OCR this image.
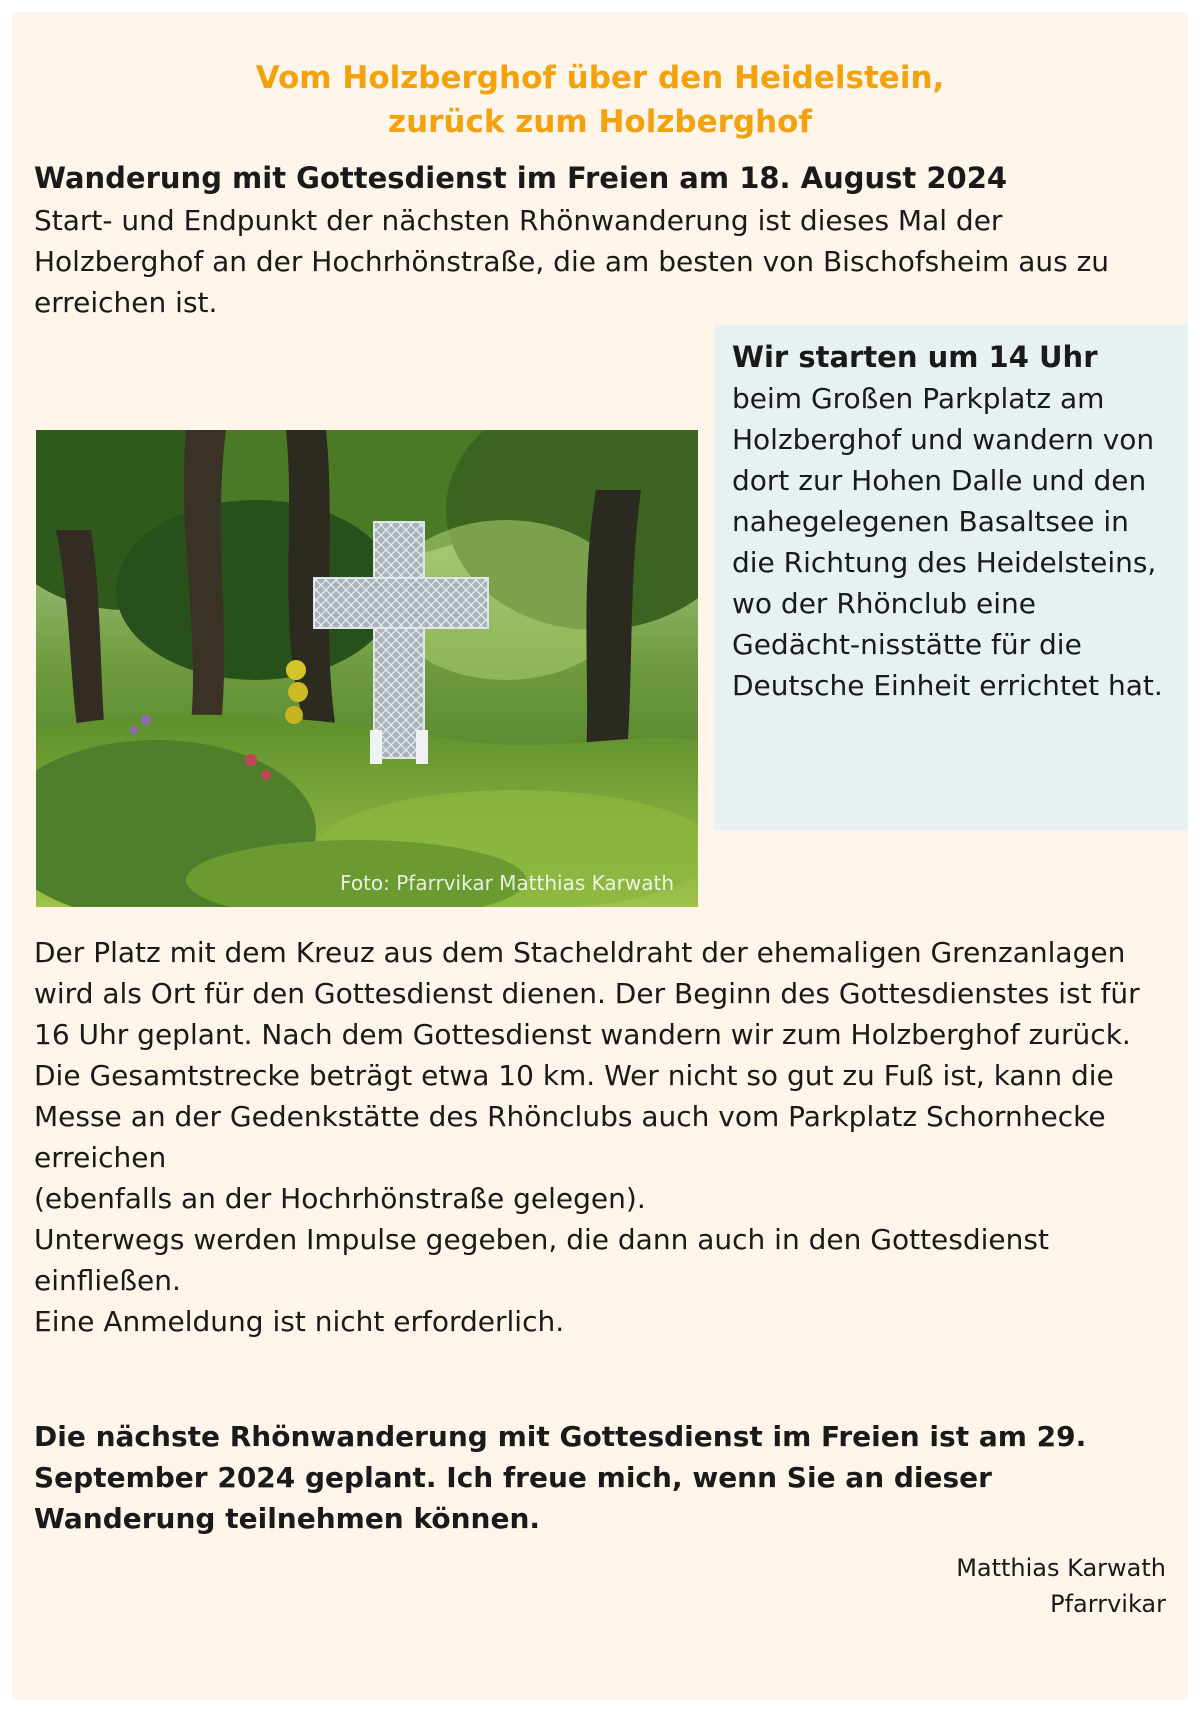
Vom Holzberghof über den Heidelstein,
zurück zum Holzberghof
Wanderung mit Gottesdienst im Freien am 18. August 2024
Start- und Endpunkt der nächsten Rhönwanderung ist dieses Mal der Holzberghof an der Hochrhönstraße, die am besten von Bischofsheim aus zu erreichen ist.
Wir starten um 14 Uhr
beim Großen Parkplatz am Holzberghof und wandern von dort zur Hohen Dalle und den nahegelegenen Basaltsee in die Richtung des Heidelsteins, wo der Rhönclub eine Gedächt-nisstätte für die Deutsche Einheit errichtet hat.
Foto: Pfarrvikar Matthias Karwath

Der Platz mit dem Kreuz aus dem Stacheldraht der ehemaligen Grenzanlagen wird als Ort für den Gottesdienst dienen. Der Beginn des Gottesdienstes ist für 16 Uhr geplant. Nach dem Gottesdienst wandern wir zum Holzberghof zurück. Die Gesamtstrecke beträgt etwa 10 km. Wer nicht so gut zu Fuß ist, kann die Messe an der Gedenkstätte des Rhönclubs auch vom Parkplatz Schornhecke erreichen

(ebenfalls an der Hochrhönstraße gelegen).

Unterwegs werden Impulse gegeben, die dann auch in den Gottesdienst einfließen.

Eine Anmeldung ist nicht erforderlich.

Die nächste Rhönwanderung mit Gottesdienst im Freien ist am 29. September 2024 geplant. Ich freue mich, wenn Sie an dieser Wanderung teilnehmen können.
Matthias Karwath
Pfarrvikar
